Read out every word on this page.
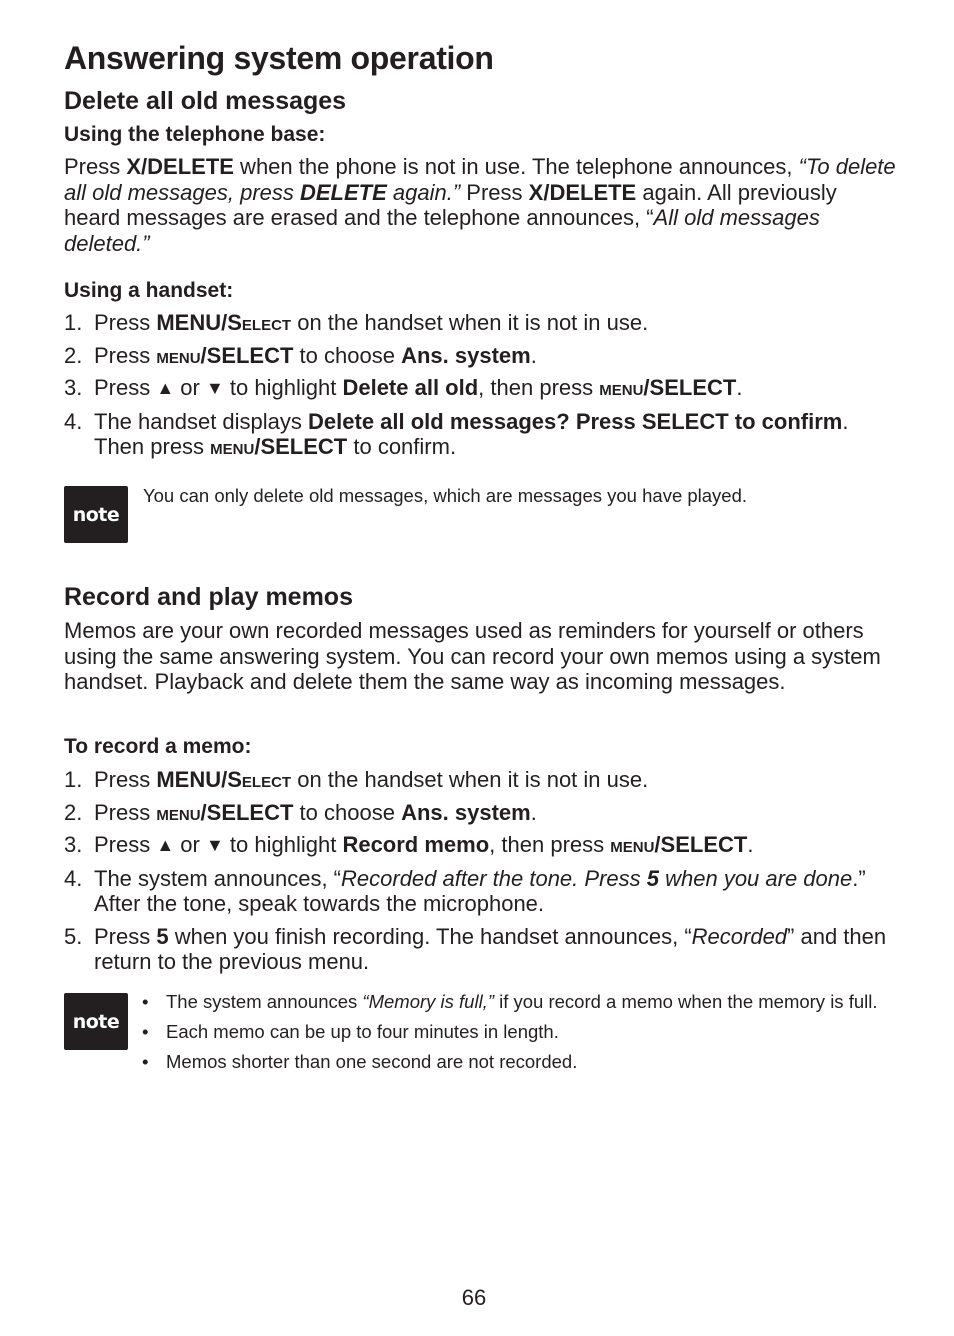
Answering system operation
Delete all old messages
Using the telephone base:

Press X/DELETE when the phone is not in use. The telephone announces, “To delete all old messages, press DELETE again.” Press X/DELETE again. All previously heard messages are erased and the telephone announces, “All old messages deleted.”

Using a handset:
1. Press MENU/Select on the handset when it is not in use.
2. Press menu/SELECT to choose Ans. system.
3. Press ▲ or ▼ to highlight Delete all old, then press menu/SELECT.
4. The handset displays Delete all old messages? Press SELECT to confirm. Then press menu/SELECT to confirm.
note

You can only delete old messages, which are messages you have played.

Record and play memos

Memos are your own recorded messages used as reminders for yourself or others using the same answering system. You can record your own memos using a system handset. Playback and delete them the same way as incoming messages.

To record a memo:
1. Press MENU/Select on the handset when it is not in use.
2. Press menu/SELECT to choose Ans. system.
3. Press ▲ or ▼ to highlight Record memo, then press menu/SELECT.
4. The system announces, “Recorded after the tone. Press 5 when you are done.” After the tone, speak towards the microphone.
5. Press 5 when you finish recording. The handset announces, “Recorded” and then return to the previous menu.
note
• The system announces “Memory is full,” if you record a memo when the memory is full.
• Each memo can be up to four minutes in length.
• Memos shorter than one second are not recorded.
66
